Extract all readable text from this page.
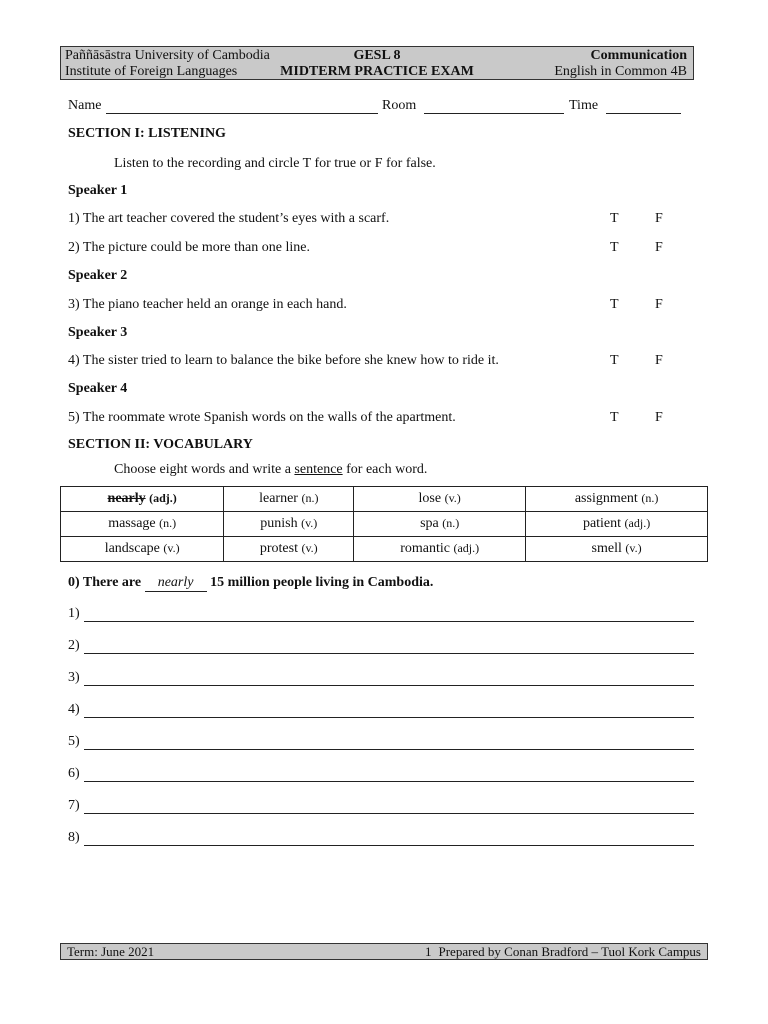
Paññāsāstra University of Cambodia	GESL 8	Communication
Institute of Foreign Languages	MIDTERM PRACTICE EXAM	English in Common 4B
Name	Room	Time
SECTION I: LISTENING
Listen to the recording and circle T for true or F for false.
Speaker 1
1) The art teacher covered the student’s eyes with a scarf.	T	F
2) The picture could be more than one line.	T	F
Speaker 2
3) The piano teacher held an orange in each hand.	T	F
Speaker 3
4) The sister tried to learn to balance the bike before she knew how to ride it.	T	F
Speaker 4
5) The roommate wrote Spanish words on the walls of the apartment.	T	F
SECTION II: VOCABULARY
Choose eight words and write a sentence for each word.
nearly (adj.)	learner (n.)	lose (v.)	assignment (n.)
massage (n.)	punish (v.)	spa (n.)	patient (adj.)
landscape (v.)	protest (v.)	romantic (adj.)	smell (v.)
0) There are nearly 15 million people living in Cambodia.
1)
2)
3)
4)
5)
6)
7)
8)
Term: June 2021	1 Prepared by Conan Bradford – Tuol Kork Campus
